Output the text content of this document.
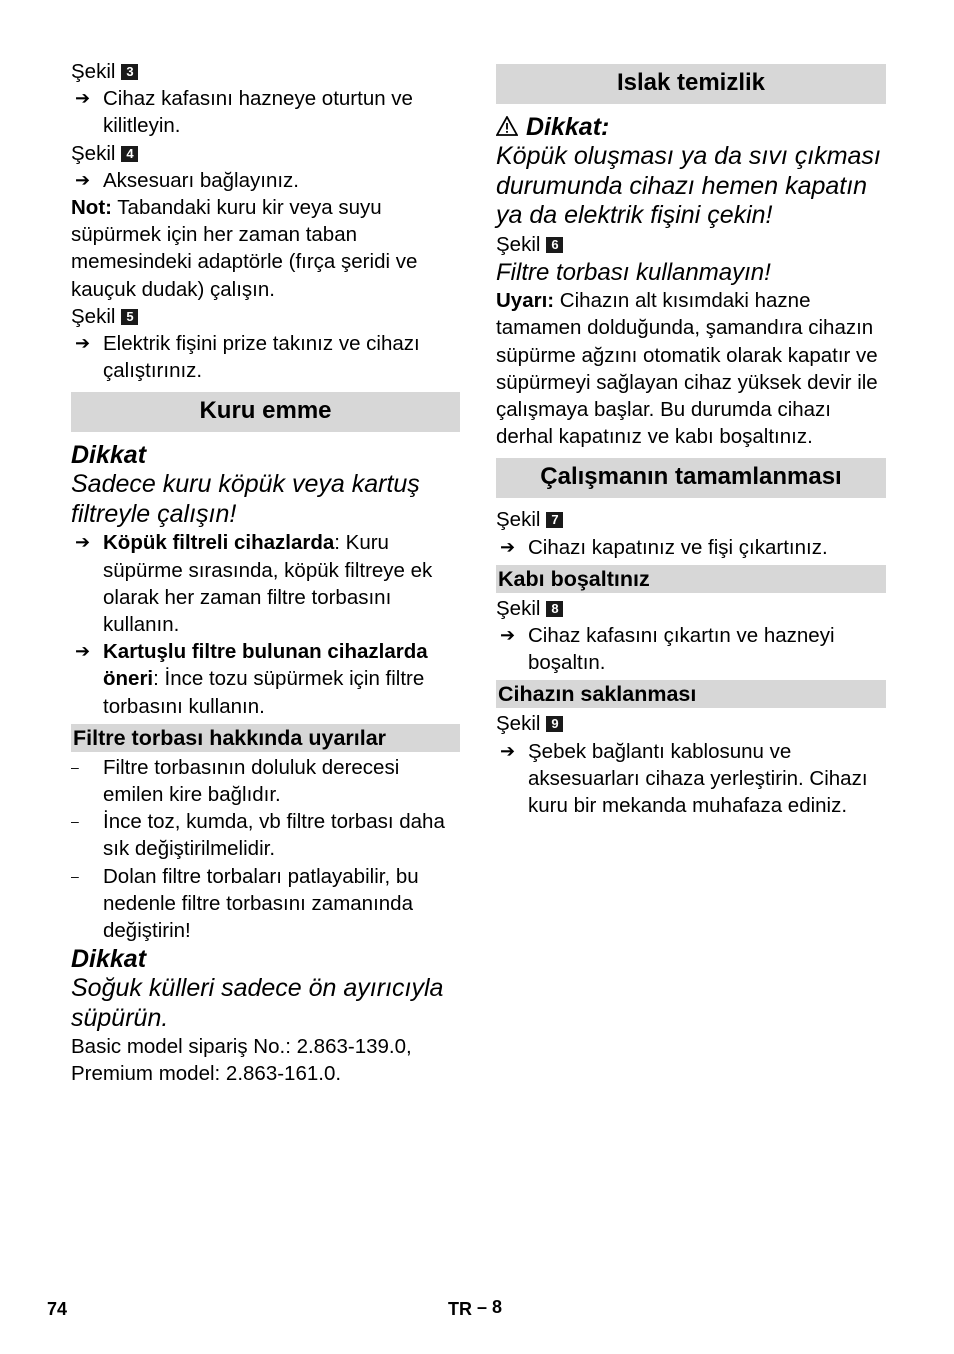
Şekil 3
➔ Cihaz kafasını hazneye oturtun ve kilitleyin.
Şekil 4
➔ Aksesuarı bağlayınız.
Not: Tabandaki kuru kir veya suyu süpürmek için her zaman taban memesindeki adaptörle (fırça şeridi ve kauçuk dudak) çalışın.
Şekil 5
➔ Elektrik fişini prize takınız ve cihazı çalıştırınız.
Kuru emme
Dikkat
Sadece kuru köpük veya kartuş filtreyle çalışın!
➔ Köpük filtreli cihazlarda: Kuru süpürme sırasında, köpük filtreye ek olarak her zaman filtre torbasını kullanın.
➔ Kartuşlu filtre bulunan cihazlarda öneri: İnce tozu süpürmek için filtre torbasını kullanın.
Filtre torbası hakkında uyarılar
– Filtre torbasının doluluk derecesi emilen kire bağlıdır.
– İnce toz, kumda, vb filtre torbası daha sık değiştirilmelidir.
– Dolan filtre torbaları patlayabilir, bu nedenle filtre torbasını zamanında değiştirin!
Dikkat
Soğuk külleri sadece ön ayırıcıyla süpürün.
Basic model sipariş No.: 2.863-139.0,
Premium model: 2.863-161.0.
Islak temizlik
Dikkat:
Köpük oluşması ya da sıvı çıkması durumunda cihazı hemen kapatın ya da elektrik fişini çekin!
Şekil 6
Filtre torbası kullanmayın!
Uyarı: Cihazın alt kısımdaki hazne tamamen dolduğunda, şamandıra cihazın süpürme ağzını otomatik olarak kapatır ve süpürmeyi sağlayan cihaz yüksek devir ile çalışmaya başlar. Bu durumda cihazı derhal kapatınız ve kabı boşaltınız.
Çalışmanın tamamlanması
Şekil 7
➔ Cihazı kapatınız ve fişi çıkartınız.
Kabı boşaltınız
Şekil 8
➔ Cihaz kafasını çıkartın ve hazneyi boşaltın.
Cihazın saklanması
Şekil 9
➔ Şebek bağlantı kablosunu ve aksesuarları cihaza yerleştirin. Cihazı kuru bir mekanda muhafaza ediniz.
74	TR – 8
